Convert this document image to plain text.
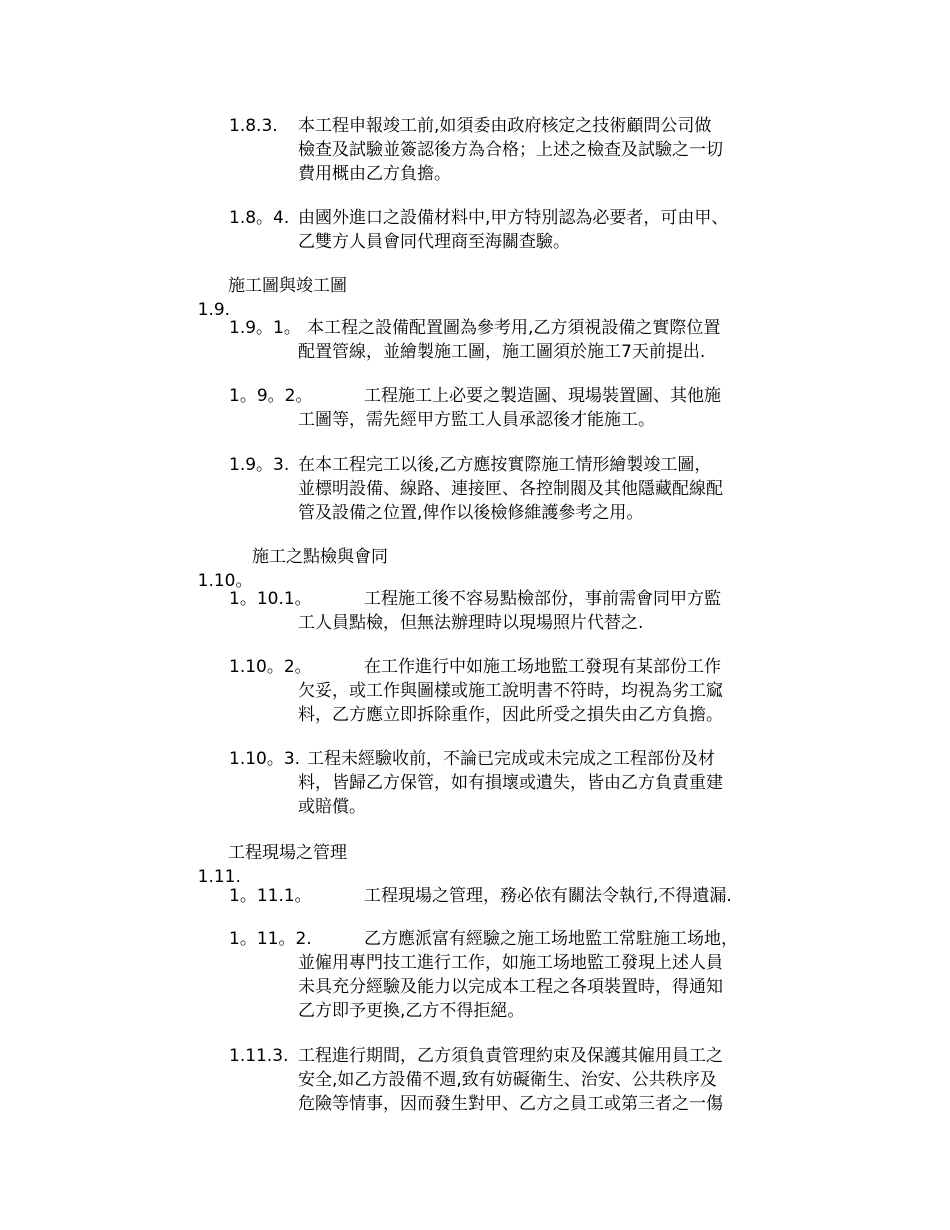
1.8.3. 本工程申報竣工前,如須委由政府核定之技術顧問公司做
檢查及試驗並簽認後方為合格；上述之檢查及試驗之一切
費用概由乙方負擔。
1.8。4. 由國外進口之設備材料中,甲方特別認為必要者，可由甲、
乙雙方人員會同代理商至海關查驗。

1.9.

施工圖與竣工圖

1.9。1。 本工程之設備配置圖為參考用,乙方須視設備之實際位置
配置管線，並繪製施工圖，施工圖須於施工7天前提出.
1。9。2。	工程施工上必要之製造圖、現場裝置圖、其他施
工圖等，需先經甲方監工人員承認後才能施工。
1.9。3. 在本工程完工以後,乙方應按實際施工情形繪製竣工圖，
並標明設備、線路、連接匣、各控制閥及其他隱藏配線配
管及設備之位置,俾作以後檢修維護參考之用。

1.10。

施工之點檢與會同

1。10.1。	工程施工後不容易點檢部份，事前需會同甲方監
工人員點檢，但無法辦理時以現場照片代替之.
1.10。2。	在工作進行中如施工场地監工發現有某部份工作
欠妥，或工作與圖樣或施工說明書不符時，均視為劣工窳
料，乙方應立即拆除重作，因此所受之損失由乙方負擔。
1.10。3. 工程未經驗收前，不論已完成或未完成之工程部份及材
料，皆歸乙方保管，如有損壞或遺失，皆由乙方負責重建
或賠償。

1.11.

工程現場之管理

1。11.1。	工程現場之管理，務必依有關法令執行,不得遺漏.
1。11。2.	乙方應派富有經驗之施工场地監工常駐施工场地，
並僱用專門技工進行工作，如施工场地監工發現上述人員
未具充分經驗及能力以完成本工程之各項裝置時，得通知
乙方即予更換,乙方不得拒絕。
1.11.3. 工程進行期間，乙方須負責管理約束及保護其僱用員工之
安全,如乙方設備不週,致有妨礙衛生、治安、公共秩序及
危險等情事，因而發生對甲、乙方之員工或第三者之一傷
